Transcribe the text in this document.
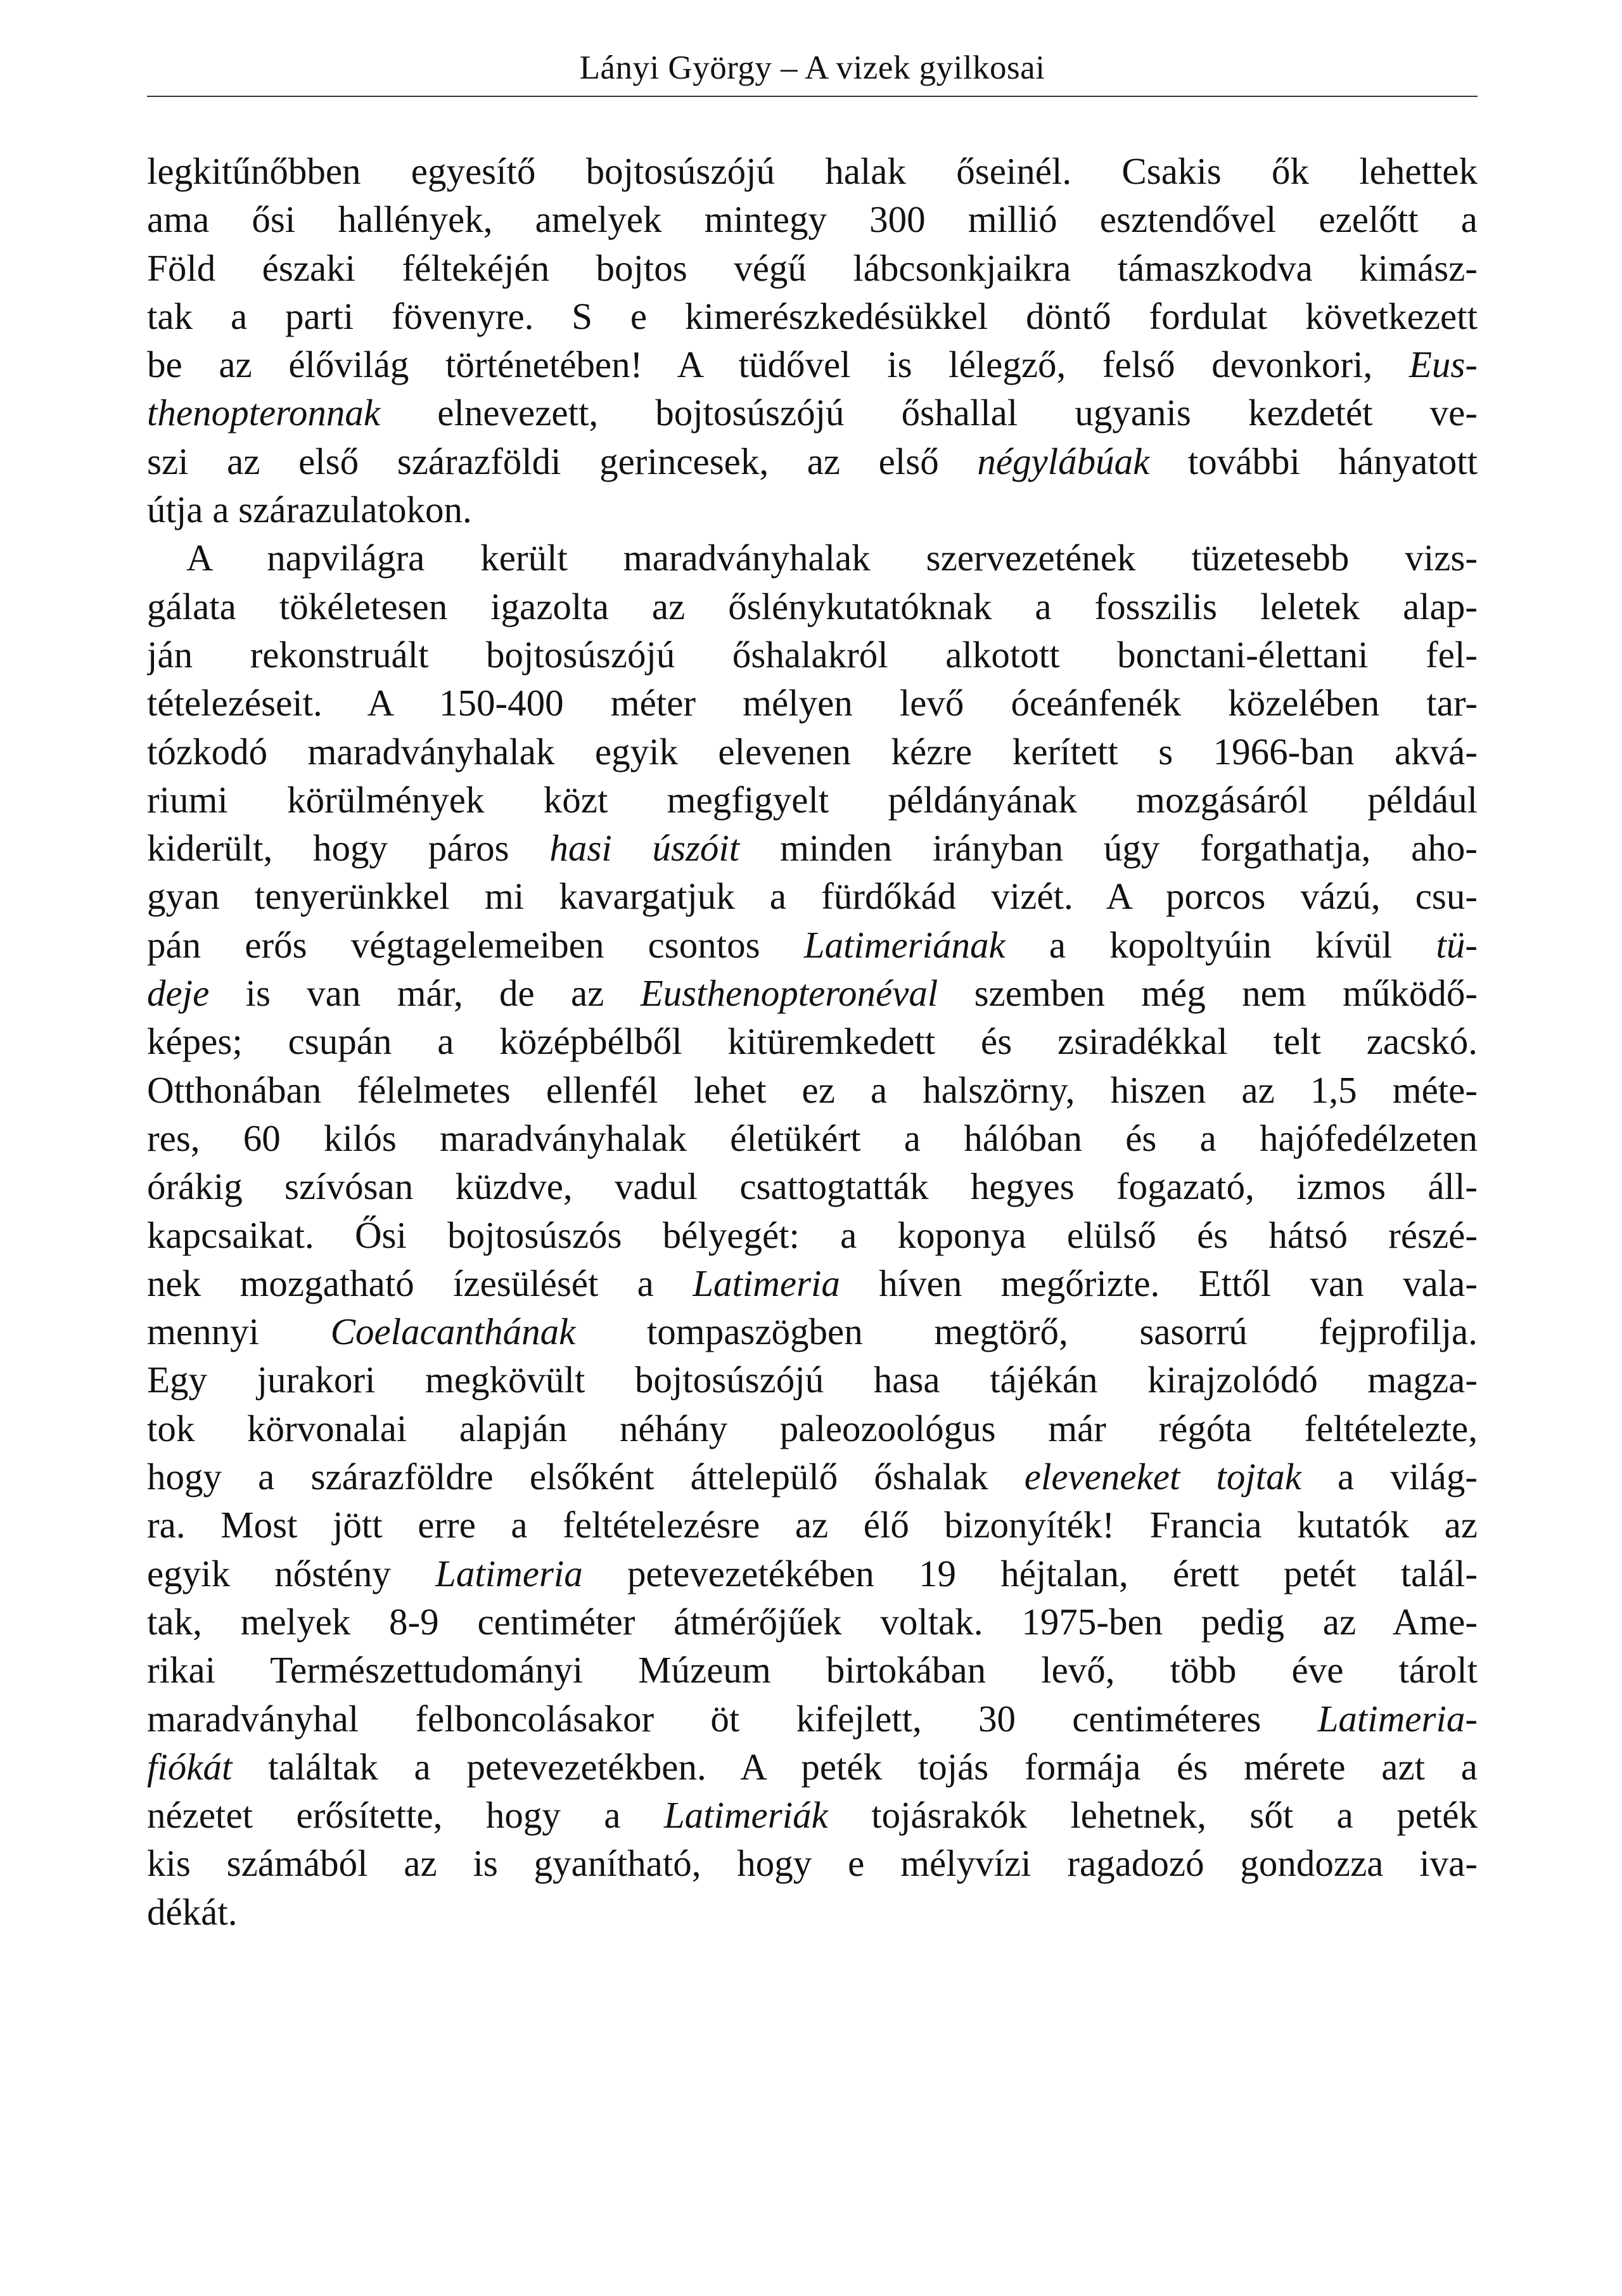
Lányi György – A vizek gyilkosai
legkitűnőbben egyesítő bojtosúszójú halak őseinél. Csakis ők lehettek
ama ősi hallények, amelyek mintegy 300 millió esztendővel ezelőtt a
Föld északi féltekéjén bojtos végű lábcsonkjaikra támaszkodva kimász-
tak a parti fövenyre. S e kimerészkedésükkel döntő fordulat következett
be az élővilág történetében! A tüdővel is lélegző, felső devonkori, Eus-
thenopteronnak elnevezett, bojtosúszójú őshallal ugyanis kezdetét ve-
szi az első szárazföldi gerincesek, az első négylábúak további hányatott
útja a szárazulatokon.
A napvilágra került maradványhalak szervezetének tüzetesebb vizs-
gálata tökéletesen igazolta az őslénykutatóknak a fosszilis leletek alap-
ján rekonstruált bojtosúszójú őshalakról alkotott bonctani-élettani fel-
tételezéseit. A 150-400 méter mélyen levő óceánfenék közelében tar-
tózkodó maradványhalak egyik elevenen kézre kerített s 1966-ban akvá-
riumi körülmények közt megfigyelt példányának mozgásáról például
kiderült, hogy páros hasi úszóit minden irányban úgy forgathatja, aho-
gyan tenyerünkkel mi kavargatjuk a fürdőkád vizét. A porcos vázú, csu-
pán erős végtagelemeiben csontos Latimeriának a kopoltyúin kívül tü-
deje is van már, de az Eusthenopteronéval szemben még nem működő-
képes; csupán a középbélből kitüremkedett és zsiradékkal telt zacskó.
Otthonában félelmetes ellenfél lehet ez a halszörny, hiszen az 1,5 méte-
res, 60 kilós maradványhalak életükért a hálóban és a hajófedélzeten
órákig szívósan küzdve, vadul csattogtatták hegyes fogazató, izmos áll-
kapcsaikat. Ősi bojtosúszós bélyegét: a koponya elülső és hátsó részé-
nek mozgatható ízesülését a Latimeria híven megőrizte. Ettől van vala-
mennyi Coelacanthának tompaszögben megtörő, sasorrú fejprofilja.
Egy jurakori megkövült bojtosúszójú hasa tájékán kirajzolódó magza-
tok körvonalai alapján néhány paleozoológus már régóta feltételezte,
hogy a szárazföldre elsőként áttelepülő őshalak eleveneket tojtak a világ-
ra. Most jött erre a feltételezésre az élő bizonyíték! Francia kutatók az
egyik nőstény Latimeria petevezetékében 19 héjtalan, érett petét talál-
tak, melyek 8-9 centiméter átmérőjűek voltak. 1975-ben pedig az Ame-
rikai Természettudományi Múzeum birtokában levő, több éve tárolt
maradványhal felboncolásakor öt kifejlett, 30 centiméteres Latimeria-
fiókát találtak a petevezetékben. A peték tojás formája és mérete azt a
nézetet erősítette, hogy a Latimeriák tojásrakók lehetnek, sőt a peték
kis számából az is gyanítható, hogy e mélyvízi ragadozó gondozza iva-
dékát.
